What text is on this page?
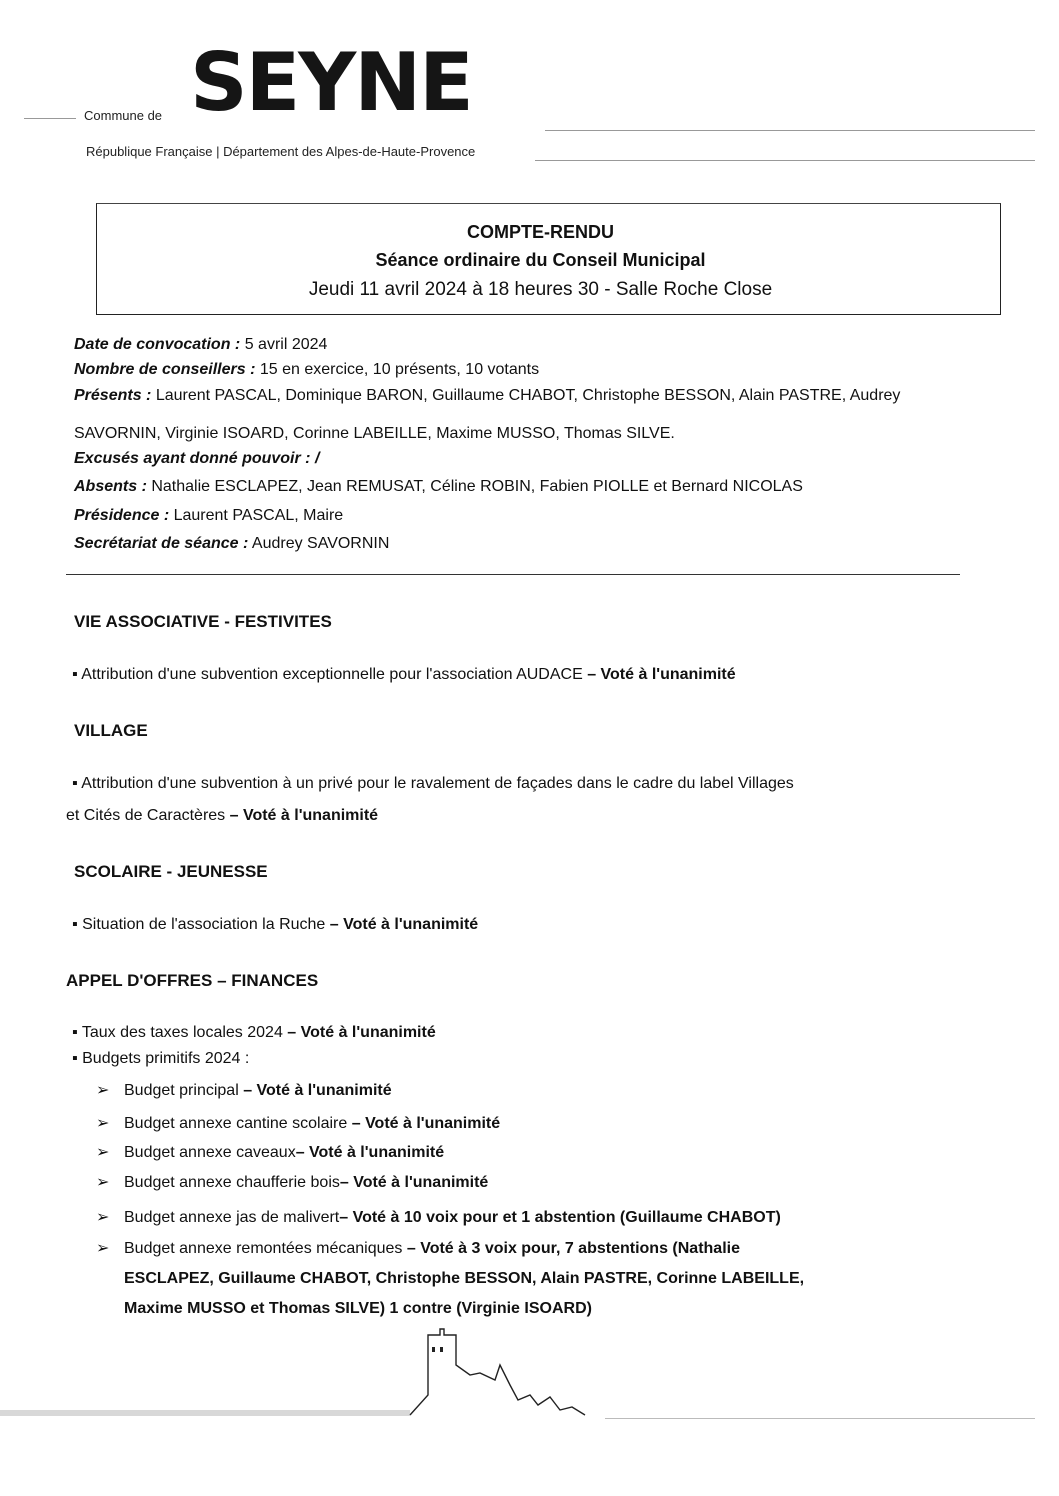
Commune de SEYNE
République Française | Département des Alpes-de-Haute-Provence
COMPTE-RENDU
Séance ordinaire du Conseil Municipal
Jeudi 11 avril 2024 à 18 heures 30 - Salle Roche Close
Date de convocation : 5 avril 2024
Nombre de conseillers : 15 en exercice, 10 présents, 10 votants
Présents : Laurent PASCAL, Dominique BARON, Guillaume CHABOT, Christophe BESSON, Alain PASTRE, Audrey
SAVORNIN, Virginie ISOARD, Corinne LABEILLE, Maxime MUSSO, Thomas SILVE.
Excusés ayant donné pouvoir : /
Absents : Nathalie ESCLAPEZ, Jean REMUSAT, Céline ROBIN, Fabien PIOLLE et Bernard NICOLAS
Présidence : Laurent PASCAL, Maire
Secrétariat de séance : Audrey SAVORNIN
VIE ASSOCIATIVE - FESTIVITES
▪ Attribution d'une subvention exceptionnelle pour l'association AUDACE – Voté à l'unanimité
VILLAGE
▪ Attribution d'une subvention à un privé pour le ravalement de façades dans le cadre du label Villages
et Cités de Caractères – Voté à l'unanimité
SCOLAIRE - JEUNESSE
▪ Situation de l'association la Ruche – Voté à l'unanimité
APPEL D'OFFRES – FINANCES
▪ Taux des taxes locales 2024 – Voté à l'unanimité
▪ Budgets primitifs 2024 :
➢ Budget principal – Voté à l'unanimité
➢ Budget annexe cantine scolaire – Voté à l'unanimité
➢ Budget annexe caveaux– Voté à l'unanimité
➢ Budget annexe chaufferie bois– Voté à l'unanimité
➢ Budget annexe jas de malivert– Voté à 10 voix pour et 1 abstention (Guillaume CHABOT)
➢ Budget annexe remontées mécaniques – Voté à 3 voix pour, 7 abstentions (Nathalie
ESCLAPEZ, Guillaume CHABOT, Christophe BESSON, Alain PASTRE, Corinne LABEILLE,
Maxime MUSSO et Thomas SILVE) 1 contre (Virginie ISOARD)
